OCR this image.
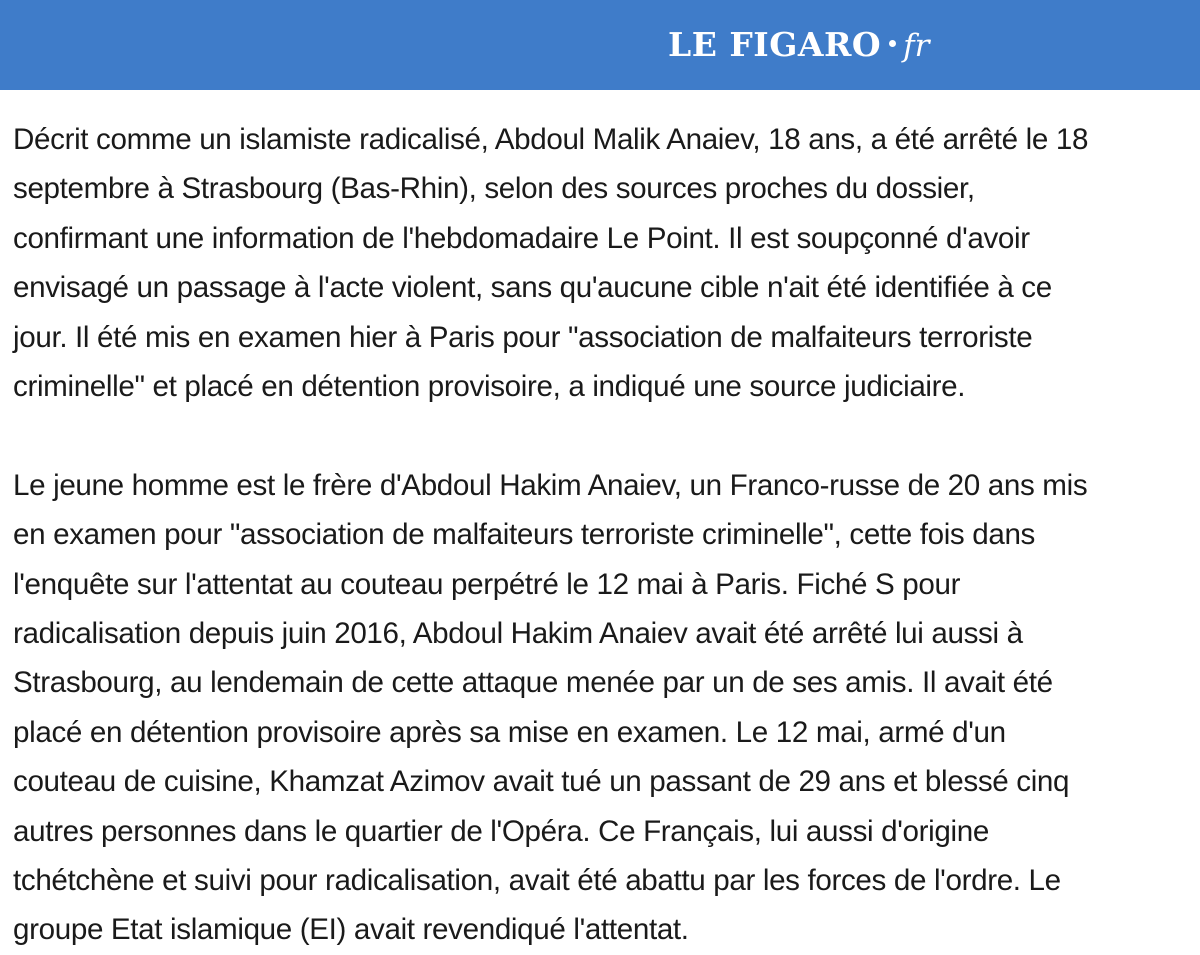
LE FIGARO fr

Décrit comme un islamiste radicalisé, Abdoul Malik Anaiev, 18 ans, a été arrêté le 18
septembre à Strasbourg (Bas-Rhin), selon des sources proches du dossier,
confirmant une information de l'hebdomadaire Le Point. Il est soupçonné d'avoir
envisagé un passage à l'acte violent, sans qu'aucune cible n'ait été identifiée à ce
jour. Il été mis en examen hier à Paris pour "association de malfaiteurs terroriste
criminelle" et placé en détention provisoire, a indiqué une source judiciaire.

Le jeune homme est le frère d'Abdoul Hakim Anaiev, un Franco-russe de 20 ans mis
en examen pour "association de malfaiteurs terroriste criminelle", cette fois dans
l'enquête sur l'attentat au couteau perpétré le 12 mai à Paris. Fiché S pour
radicalisation depuis juin 2016, Abdoul Hakim Anaiev avait été arrêté lui aussi à
Strasbourg, au lendemain de cette attaque menée par un de ses amis. Il avait été
placé en détention provisoire après sa mise en examen. Le 12 mai, armé d'un
couteau de cuisine, Khamzat Azimov avait tué un passant de 29 ans et blessé cinq
autres personnes dans le quartier de l'Opéra. Ce Français, lui aussi d'origine
tchétchène et suivi pour radicalisation, avait été abattu par les forces de l'ordre. Le
groupe Etat islamique (EI) avait revendiqué l'attentat.
